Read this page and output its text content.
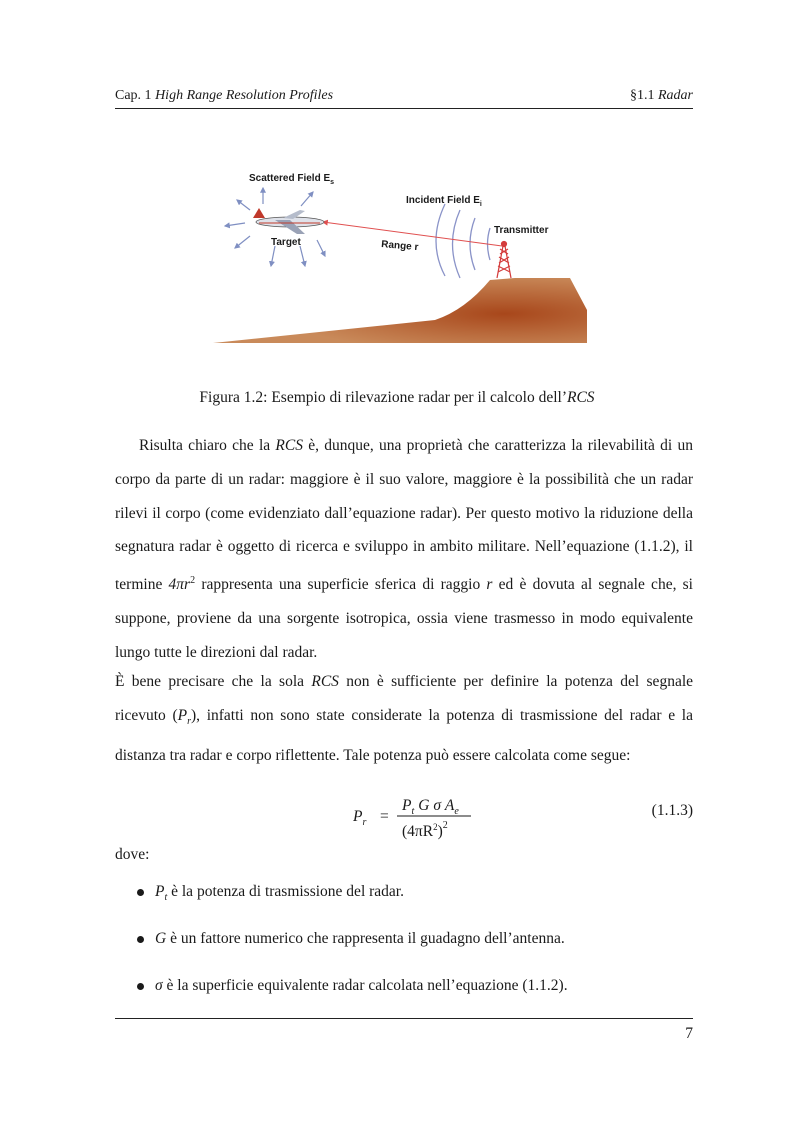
Cap. 1 High Range Resolution Profiles	§1.1 Radar
Scattered Field $E_s$
Incident Field $E_i$
Transmitter
Target	Range r
Figura 1.2: Esempio di rilevazione radar per il calcolo dell’RCS
Risulta chiaro che la RCS è, dunque, una proprietà che caratterizza la rilevabilità di un corpo da parte di un radar: maggiore è il suo valore, maggiore è la possibilità che un radar rilevi il corpo (come evidenziato dall’equazione radar). Per questo motivo la riduzione della segnatura radar è oggetto di ricerca e sviluppo in ambito militare. Nell’equazione (1.1.2), il termine $4\pi r^2$ rappresenta una superficie sferica di raggio r ed è dovuta al segnale che, si suppone, proviene da una sorgente isotropica, ossia viene trasmesso in modo equivalente lungo tutte le direzioni dal radar.
È bene precisare che la sola RCS non è sufficiente per definire la potenza del segnale ricevuto $(P_r)$, infatti non sono state considerate la potenza di trasmissione del radar e la distanza tra radar e corpo riflettente. Tale potenza può essere calcolata come segue:
$P_r$ =
$P_t$ G σ $A_e$
$(4\pi R^2)^2$
(1.1.3)
dove:
$P_t$ è la potenza di trasmissione del radar.
G è un fattore numerico che rappresenta il guadagno dell’antenna.
σ è la superficie equivalente radar calcolata nell’equazione (1.1.2).
7
